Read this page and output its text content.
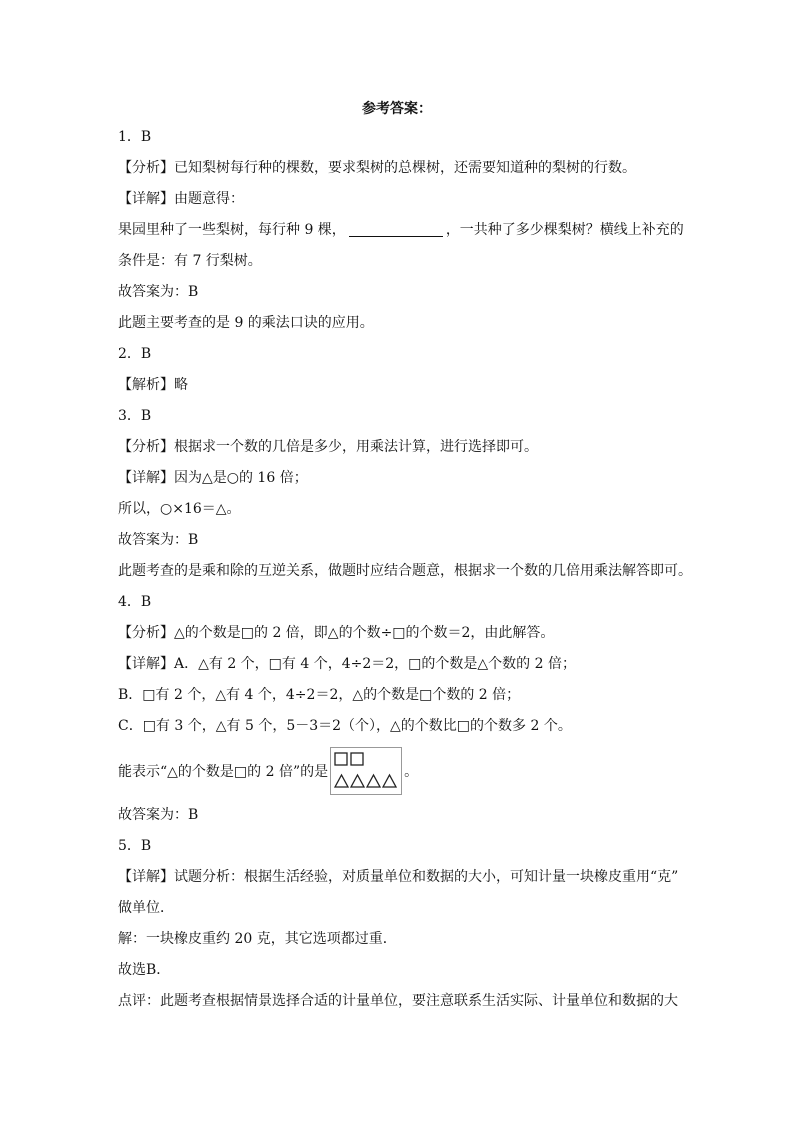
参考答案：
1．B
【分析】已知梨树每行种的棵数，要求梨树的总棵树，还需要知道种的梨树的行数。
【详解】由题意得：
果园里种了一些梨树，每行种 9 棵，	，一共种了多少棵梨树？横线上补充的
条件是：有 7 行梨树。
故答案为：B
此题主要考查的是 9 的乘法口诀的应用。
2．B
【解析】略
3．B
【分析】根据求一个数的几倍是多少，用乘法计算，进行选择即可。
【详解】因为△是○的 16 倍；
所以，○×16＝△。
故答案为：B
此题考查的是乘和除的互逆关系，做题时应结合题意，根据求一个数的几倍用乘法解答即可。
4．B
【分析】△的个数是□的 2 倍，即△的个数÷□的个数＝2，由此解答。
【详解】A．△有 2 个，□有 4 个，4÷2＝2，□的个数是△个数的 2 倍；
B．□有 2 个，△有 4 个，4÷2＝2，△的个数是□个数的 2 倍；
C．□有 3 个，△有 5 个，5－3＝2（个），△的个数比□的个数多 2 个。
能表示“△的个数是□的 2 倍”的是	。
故答案为：B
5．B
【详解】试题分析：根据生活经验，对质量单位和数据的大小，可知计量一块橡皮重用“克”
做单位．
解：一块橡皮重约 20 克，其它选项都过重．
故选B．
点评：此题考查根据情景选择合适的计量单位，要注意联系生活实际、计量单位和数据的大
